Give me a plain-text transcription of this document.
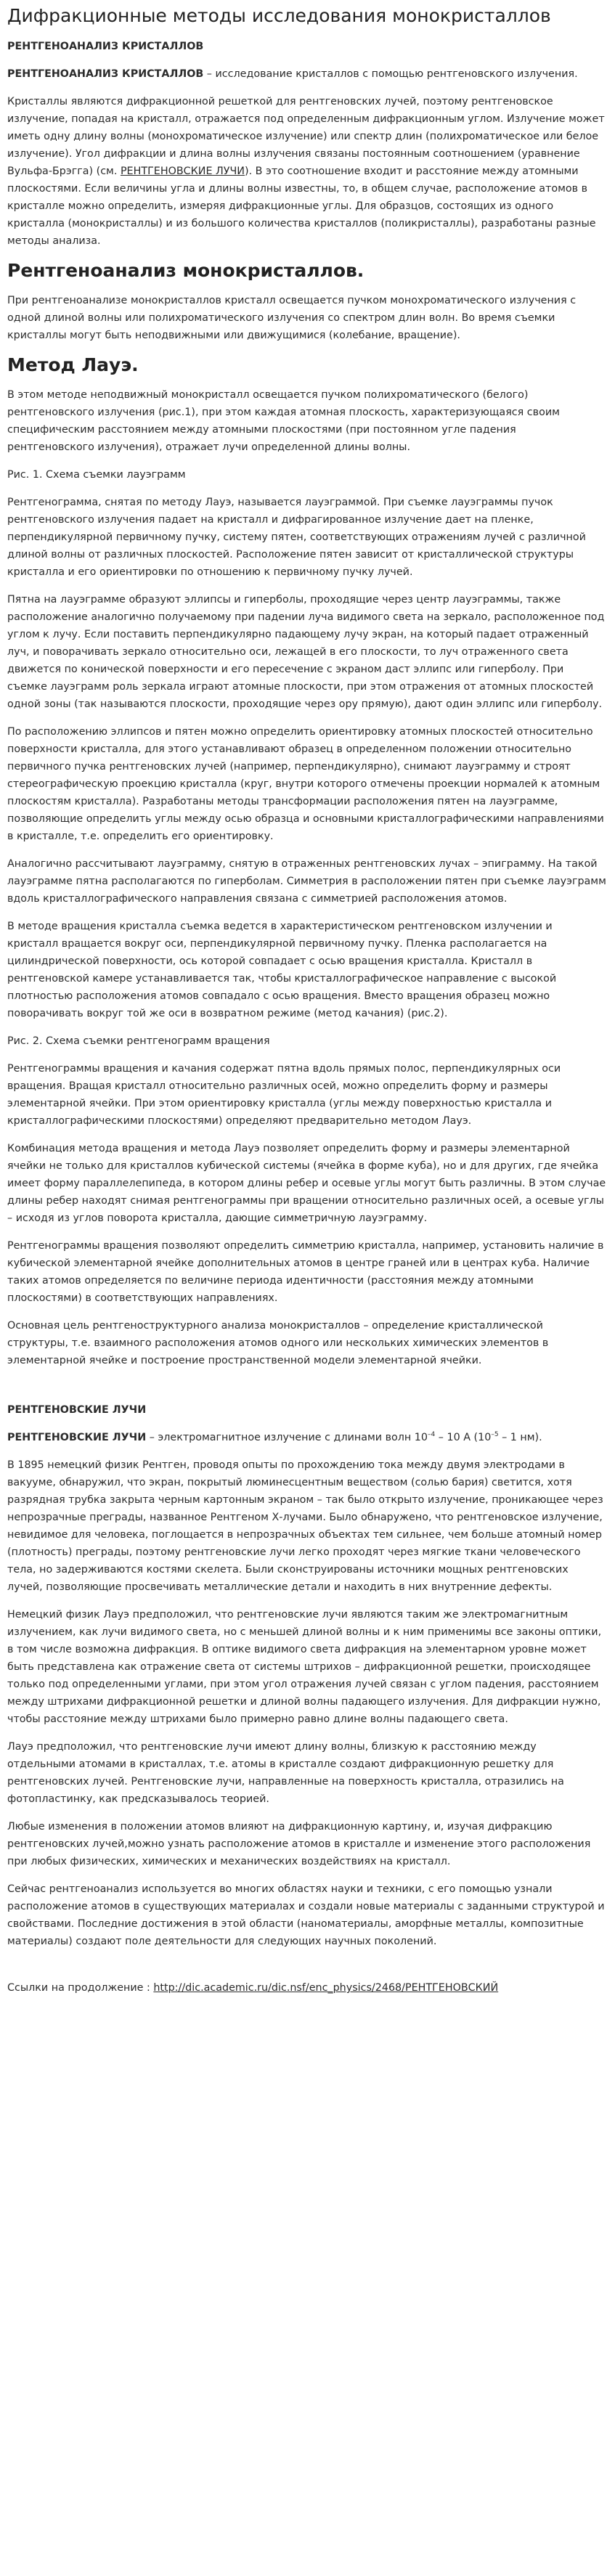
Дифракционные методы исследования монокристаллов
РЕНТГЕНОАНАЛИЗ КРИСТАЛЛОВ

РЕНТГЕНОАНАЛИЗ КРИСТАЛЛОВ – исследование кристаллов с помощью рентгеновского излучения.

Кристаллы являются дифракционной решеткой для рентгеновских лучей, поэтому рентгеновское излучение, попадая на кристалл, отражается под определенным дифракционным углом. Излучение может иметь одну длину волны (монохроматическое излучение) или спектр длин (полихроматическое или белое излучение). Угол дифракции и длина волны излучения связаны постоянным соотношением (уравнение Вульфа-Брэгга) (см. РЕНТГЕНОВСКИЕ ЛУЧИ). В это соотношение входит и расстояние между атомными плоскостями. Если величины угла и длины волны известны, то, в общем случае, расположение атомов в кристалле можно определить, измеряя дифракционные углы. Для образцов, состоящих из одного кристалла (монокристаллы) и из большого количества кристаллов (поликристаллы), разработаны разные методы анализа.

Рентгеноанализ монокристаллов.

При рентгеноанализе монокристаллов кристалл освещается пучком монохроматического излучения с одной длиной волны или полихроматического излучения со спектром длин волн. Во время съемки кристаллы могут быть неподвижными или движущимися (колебание, вращение).

Метод Лауэ.

В этом методе неподвижный монокристалл освещается пучком полихроматического (белого) рентгеновского излучения (рис.1), при этом каждая атомная плоскость, характеризующаяся своим специфическим расстоянием между атомными плоскостями (при постоянном угле падения рентгеновского излучения), отражает лучи определенной длины волны.

Рис. 1. Схема съемки лауэграмм

Рентгенограмма, снятая по методу Лауэ, называется лауэграммой. При съемке лауэграммы пучок рентгеновского излучения падает на кристалл и дифрагированное излучение дает на пленке, перпендикулярной первичному пучку, систему пятен, соответствующих отражениям лучей с различной длиной волны от различных плоскостей. Расположение пятен зависит от кристаллической структуры кристалла и его ориентировки по отношению к первичному пучку лучей.

Пятна на лауэграмме образуют эллипсы и гиперболы, проходящие через центр лауэграммы, также расположение аналогично получаемому при падении луча видимого света на зеркало, расположенное под углом к лучу. Если поставить перпендикулярно падающему лучу экран, на который падает отраженный луч, и поворачивать зеркало относительно оси, лежащей в его плоскости, то луч отраженного света движется по конической поверхности и его пересечение с экраном даст эллипс или гиперболу. При съемке лауэграмм роль зеркала играют атомные плоскости, при этом отражения от атомных плоскостей одной зоны (так называются плоскости, проходящие через ору прямую), дают один эллипс или гиперболу.

По расположению эллипсов и пятен можно определить ориентировку атомных плоскостей относительно поверхности кристалла, для этого устанавливают образец в определенном положении относительно первичного пучка рентгеновских лучей (например, перпендикулярно), снимают лауэграмму и строят стереографическую проекцию кристалла (круг, внутри которого отмечены проекции нормалей к атомным плоскостям кристалла). Разработаны методы трансформации расположения пятен на лауэграмме, позволяющие определить углы между осью образца и основными кристаллографическими направлениями в кристалле, т.е. определить его ориентировку.

Аналогично рассчитывают лауэграмму, снятую в отраженных рентгеновских лучах – эпиграмму. На такой лауэграмме пятна располагаются по гиперболам. Симметрия в расположении пятен при съемке лауэграмм вдоль кристаллографического направления связана с симметрией расположения атомов.

В методе вращения кристалла съемка ведется в характеристическом рентгеновском излучении и кристалл вращается вокруг оси, перпендикулярной первичному пучку. Пленка располагается на цилиндрической поверхности, ось которой совпадает с осью вращения кристалла. Кристалл в рентгеновской камере устанавливается так, чтобы кристаллографическое направление с высокой плотностью расположения атомов совпадало с осью вращения. Вместо вращения образец можно поворачивать вокруг той же оси в возвратном режиме (метод качания) (рис.2).

Рис. 2. Схема съемки рентгенограмм вращения

Рентгенограммы вращения и качания содержат пятна вдоль прямых полос, перпендикулярных оси вращения. Вращая кристалл относительно различных осей, можно определить форму и размеры элементарной ячейки. При этом ориентировку кристалла (углы между поверхностью кристалла и кристаллографическими плоскостями) определяют предварительно методом Лауэ.

Комбинация метода вращения и метода Лауэ позволяет определить форму и размеры элементарной ячейки не только для кристаллов кубической системы (ячейка в форме куба), но и для других, где ячейка имеет форму параллелепипеда, в котором длины ребер и осевые углы могут быть различны. В этом случае длины ребер находят снимая рентгенограммы при вращении относительно различных осей, а осевые углы – исходя из углов поворота кристалла, дающие симметричную лауэграмму.

Рентгенограммы вращения позволяют определить симметрию кристалла, например, установить наличие в кубической элементарной ячейке дополнительных атомов в центре граней или в центрах куба. Наличие таких атомов определяется по величине периода идентичности (расстояния между атомными плоскостями) в соответствующих направлениях.

Основная цель рентгеноструктурного анализа монокристаллов – определение кристаллической структуры, т.е. взаимного расположения атомов одного или нескольких химических элементов в элементарной ячейке и построение пространственной модели элементарной ячейки.

РЕНТГЕНОВСКИЕ ЛУЧИ

РЕНТГЕНОВСКИЕ ЛУЧИ – электромагнитное излучение с длинами волн $10^{-4} - 10$ А ($10^{-5} - 1$ нм).

В 1895 немецкий физик Рентген, проводя опыты по прохождению тока между двумя электродами в вакууме, обнаружил, что экран, покрытый люминесцентным веществом (солью бария) светится, хотя разрядная трубка закрыта черным картонным экраном – так было открыто излучение, проникающее через непрозрачные преграды, названное Рентгеном Х-лучами. Было обнаружено, что рентгеновское излучение, невидимое для человека, поглощается в непрозрачных объектах тем сильнее, чем больше атомный номер (плотность) преграды, поэтому рентгеновские лучи легко проходят через мягкие ткани человеческого тела, но задерживаются костями скелета. Были сконструированы источники мощных рентгеновских лучей, позволяющие просвечивать металлические детали и находить в них внутренние дефекты.

Немецкий физик Лауэ предположил, что рентгеновские лучи являются таким же электромагнитным излучением, как лучи видимого света, но с меньшей длиной волны и к ним применимы все законы оптики, в том числе возможна дифракция. В оптике видимого света дифракция на элементарном уровне может быть представлена как отражение света от системы штрихов – дифракционной решетки, происходящее только под определенными углами, при этом угол отражения лучей связан с углом падения, расстоянием между штрихами дифракционной решетки и длиной волны падающего излучения. Для дифракции нужно, чтобы расстояние между штрихами было примерно равно длине волны падающего света.

Лауэ предположил, что рентгеновские лучи имеют длину волны, близкую к расстоянию между отдельными атомами в кристаллах, т.е. атомы в кристалле создают дифракционную решетку для рентгеновских лучей. Рентгеновские лучи, направленные на поверхность кристалла, отразились на фотопластинку, как предсказывалось теорией.

Любые изменения в положении атомов влияют на дифракционную картину, и, изучая дифракцию рентгеновских лучей,можно узнать расположение атомов в кристалле и изменение этого расположения при любых физических, химических и механических воздействиях на кристалл.

Сейчас рентгеноанализ используется во многих областях науки и техники, с его помощью узнали расположение атомов в существующих материалах и создали новые материалы с заданными структурой и свойствами. Последние достижения в этой области (наноматериалы, аморфные металлы, композитные материалы) создают поле деятельности для следующих научных поколений.

Ссылки на продолжение : http://dic.academic.ru/dic.nsf/enc_physics/2468/РЕНТГЕНОВСКИЙ
